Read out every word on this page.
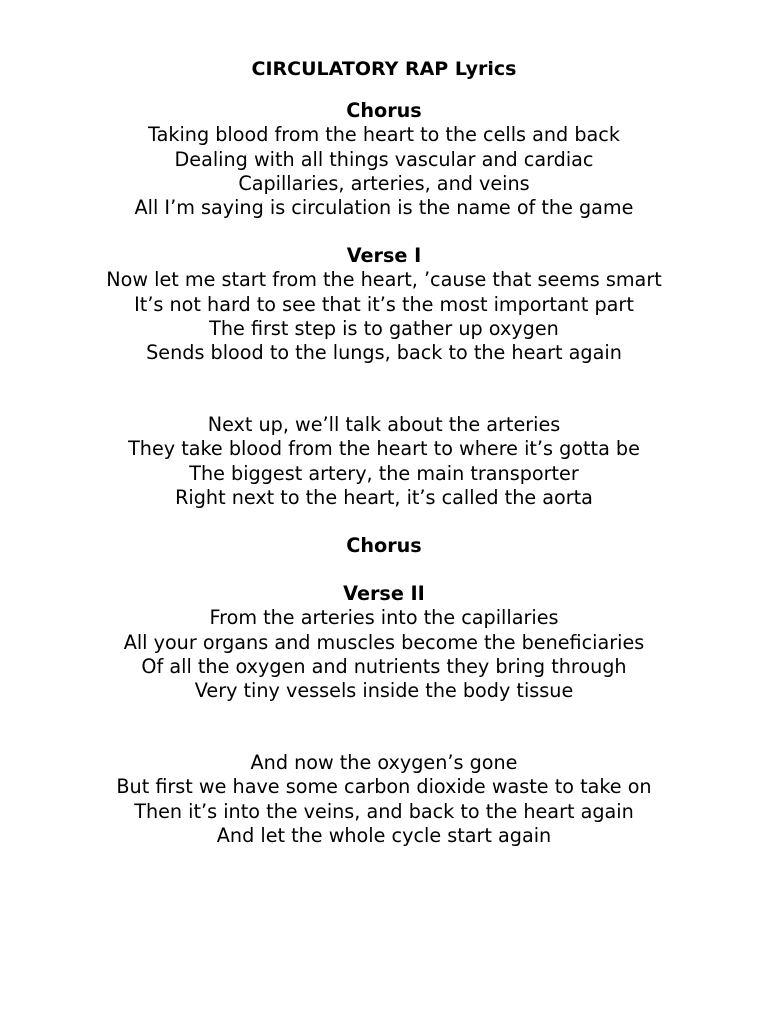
CIRCULATORY RAP Lyrics
Chorus
Taking blood from the heart to the cells and back
Dealing with all things vascular and cardiac
Capillaries, arteries, and veins
All I’m saying is circulation is the name of the game
Verse I
Now let me start from the heart, ’cause that seems smart
It’s not hard to see that it’s the most important part
The first step is to gather up oxygen
Sends blood to the lungs, back to the heart again
Next up, we’ll talk about the arteries
They take blood from the heart to where it’s gotta be
The biggest artery, the main transporter
Right next to the heart, it’s called the aorta
Chorus
Verse II
From the arteries into the capillaries
All your organs and muscles become the beneficiaries
Of all the oxygen and nutrients they bring through
Very tiny vessels inside the body tissue
And now the oxygen’s gone
But first we have some carbon dioxide waste to take on
Then it’s into the veins, and back to the heart again
And let the whole cycle start again
